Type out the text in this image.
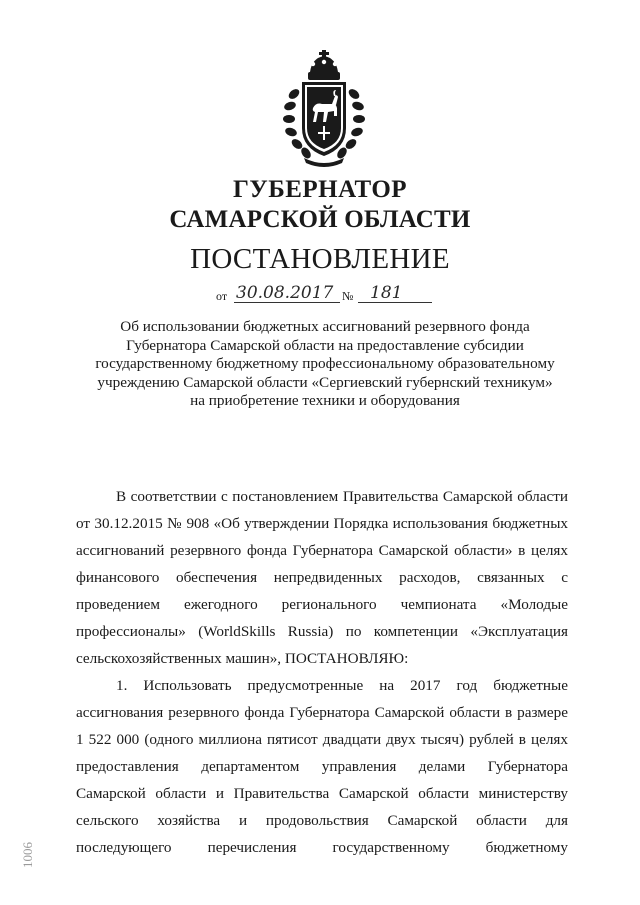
ГУБЕРНАТОР
САМАРСКОЙ ОБЛАСТИ
ПОСТАНОВЛЕНИЕ
от 30.08.2017 № 181
Об использовании бюджетных ассигнований резервного фонда
Губернатора Самарской области на предоставление субсидии
государственному бюджетному профессиональному образовательному
учреждению Самарской области «Сергиевский губернский техникум»
на приобретение техники и оборудования
В соответствии с постановлением Правительства Самарской области
от 30.12.2015 № 908 «Об утверждении Порядка использования бюджетных
ассигнований резервного фонда Губернатора Самарской области» в целях
финансового обеспечения непредвиденных расходов, связанных с
проведением ежегодного регионального чемпионата «Молодые
профессионалы» (WorldSkills Russia) по компетенции «Эксплуатация
сельскохозяйственных машин», ПОСТАНОВЛЯЮ:
1. Использовать предусмотренные на 2017 год бюджетные
ассигнования резервного фонда Губернатора Самарской области в размере
1 522 000 (одного миллиона пятисот двадцати двух тысяч) рублей в целях
предоставления департаментом управления делами Губернатора
Самарской области и Правительства Самарской области министерству
сельского хозяйства и продовольствия Самарской области для
последующего перечисления государственному бюджетному
1006
